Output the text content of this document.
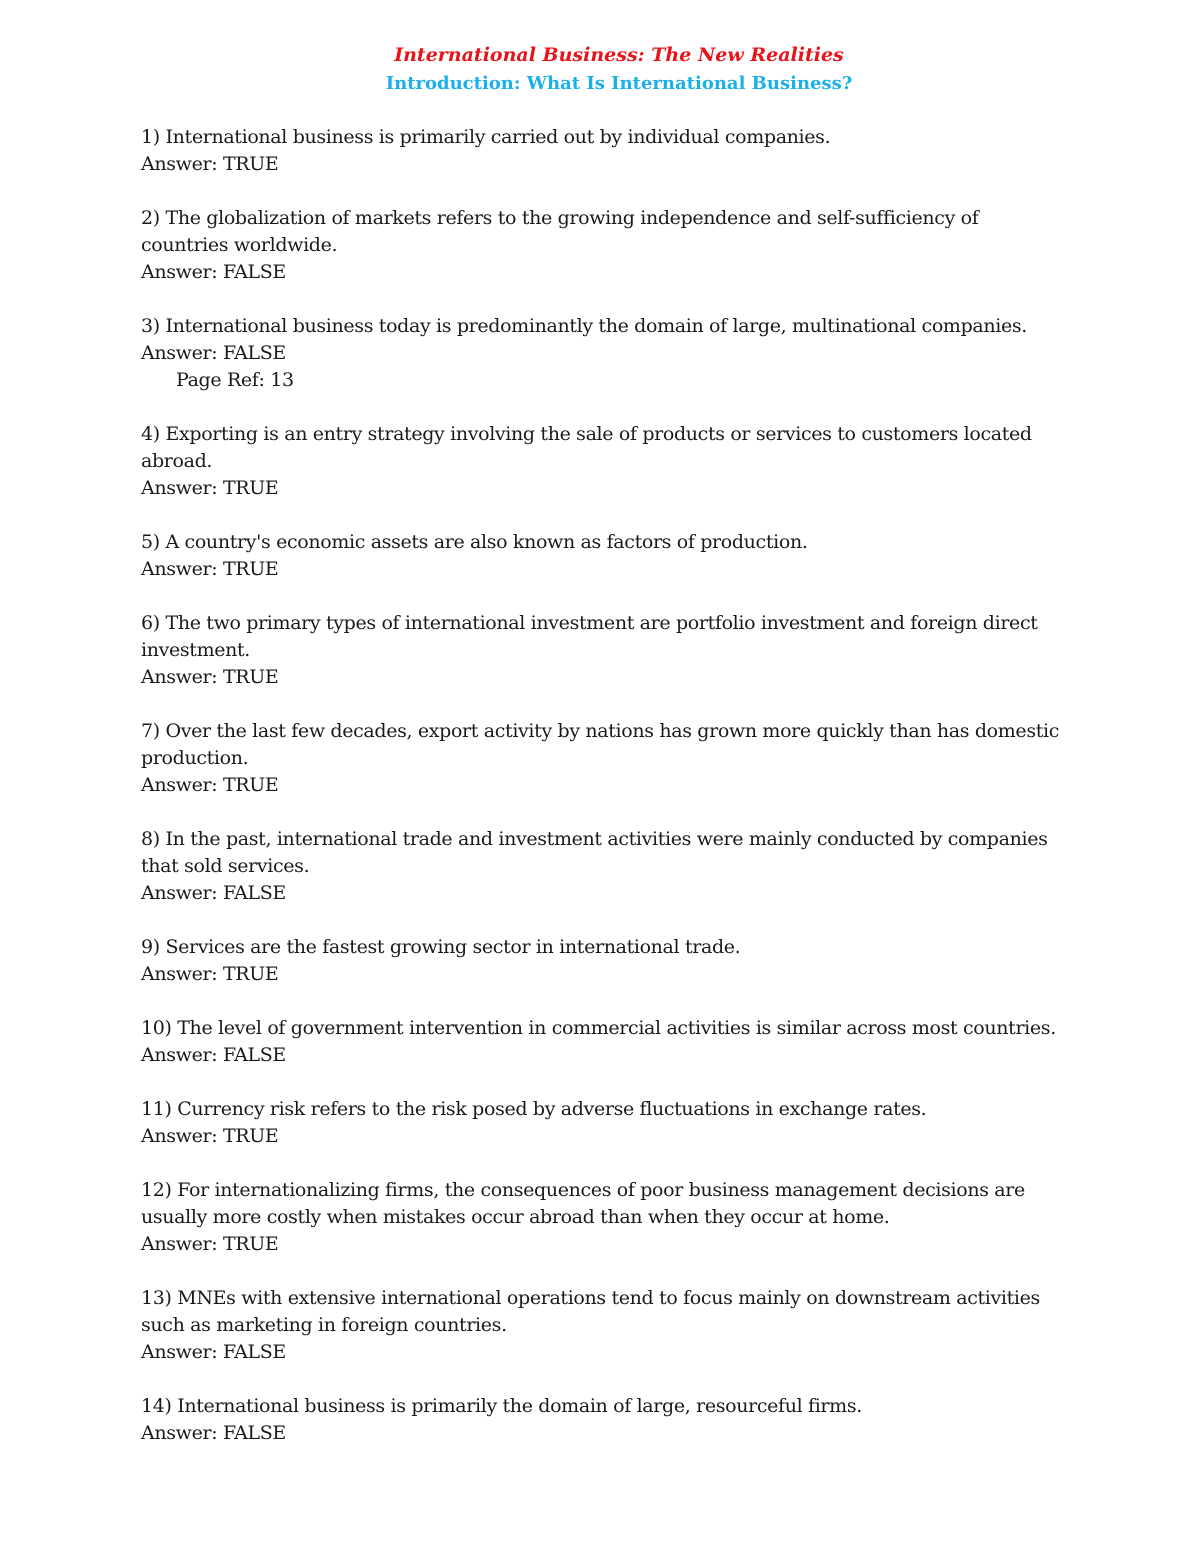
International Business: The New Realities
Introduction: What Is International Business?
1) International business is primarily carried out by individual companies.
Answer: TRUE
2) The globalization of markets refers to the growing independence and self-sufficiency of countries worldwide.
Answer: FALSE
3) International business today is predominantly the domain of large, multinational companies.
Answer: FALSE
Page Ref: 13
4) Exporting is an entry strategy involving the sale of products or services to customers located abroad.
Answer: TRUE
5) A country's economic assets are also known as factors of production.
Answer: TRUE
6) The two primary types of international investment are portfolio investment and foreign direct investment.
Answer: TRUE
7) Over the last few decades, export activity by nations has grown more quickly than has domestic production.
Answer: TRUE
8) In the past, international trade and investment activities were mainly conducted by companies that sold services.
Answer: FALSE
9) Services are the fastest growing sector in international trade.
Answer: TRUE
10) The level of government intervention in commercial activities is similar across most countries.
Answer: FALSE
11) Currency risk refers to the risk posed by adverse fluctuations in exchange rates.
Answer: TRUE
12) For internationalizing firms, the consequences of poor business management decisions are usually more costly when mistakes occur abroad than when they occur at home.
Answer: TRUE
13) MNEs with extensive international operations tend to focus mainly on downstream activities such as marketing in foreign countries.
Answer: FALSE
14) International business is primarily the domain of large, resourceful firms.
Answer: FALSE
